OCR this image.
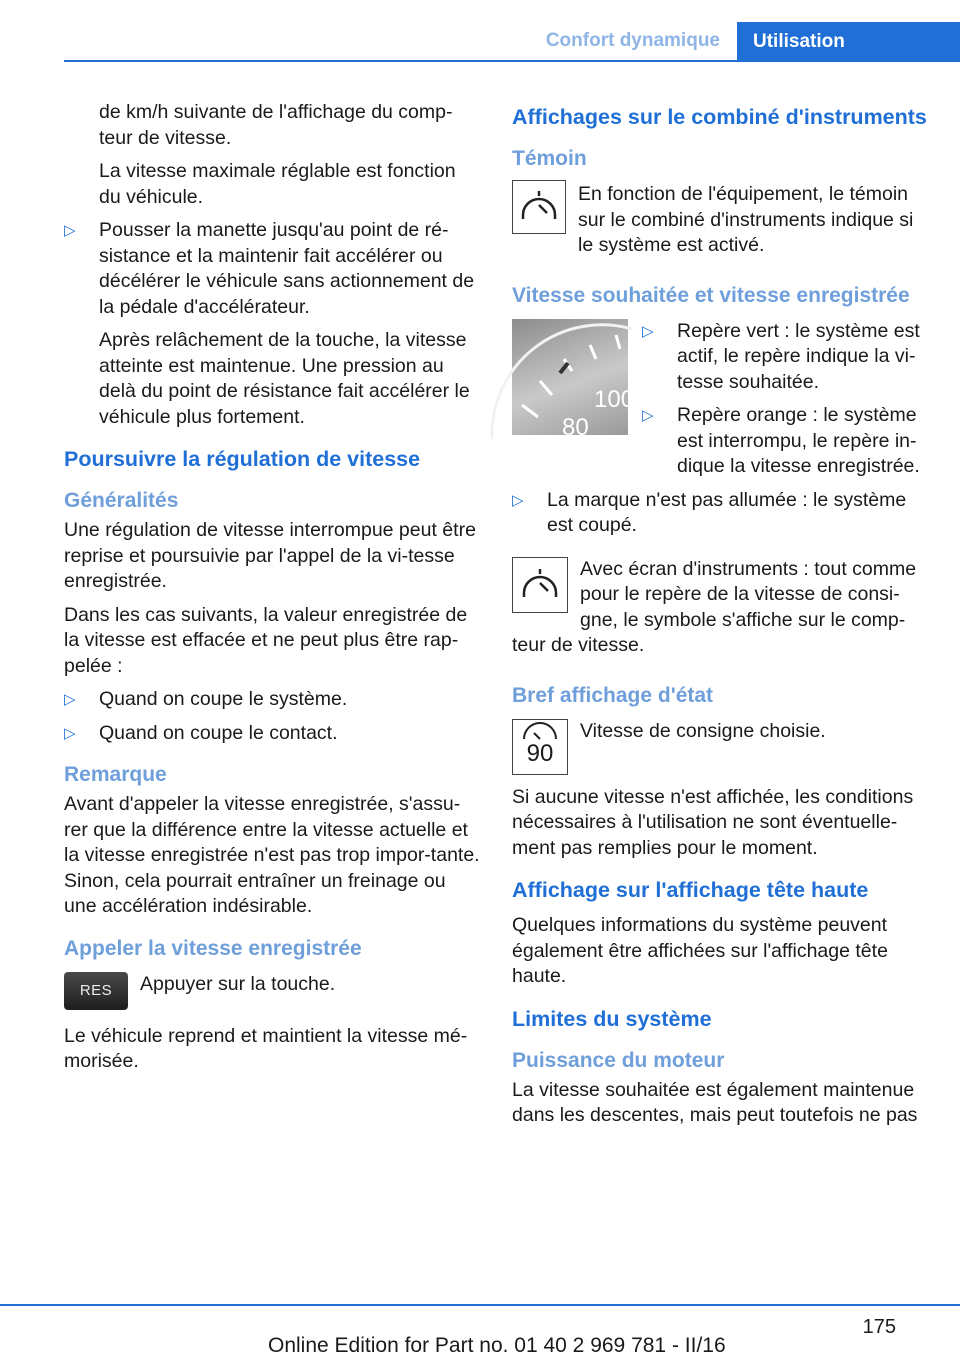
Confort dynamique Utilisation

de km/h suivante de l'affichage du comp-teur de vitesse.

La vitesse maximale réglable est fonction du véhicule.

▷
Pousser la manette jusqu'au point de ré-sistance et la maintenir fait accélérer ou décélérer le véhicule sans actionnement de la pédale d'accélérateur.

Après relâchement de la touche, la vitesse atteinte est maintenue. Une pression au delà du point de résistance fait accélérer le véhicule plus fortement.

Poursuivre la régulation de vitesse
Généralités

Une régulation de vitesse interrompue peut être reprise et poursuivie par l'appel de la vi-tesse enregistrée.

Dans les cas suivants, la valeur enregistrée de la vitesse est effacée et ne peut plus être rap-pelée :

▷
Quand on coupe le système.
▷
Quand on coupe le contact.
Remarque

Avant d'appeler la vitesse enregistrée, s'assu-rer que la différence entre la vitesse actuelle et la vitesse enregistrée n'est pas trop impor-tante. Sinon, cela pourrait entraîner un freinage ou une accélération indésirable.

Appeler la vitesse enregistrée
RES Appuyer sur la touche.

Le véhicule reprend et maintient la vitesse mé-morisée.

Affichages sur le combiné d'instruments
Témoin

En fonction de l'équipement, le témoin sur le combiné d'instruments indique si le système est activé.

Vitesse souhaitée et vitesse enregistrée
100
80
▷
Repère vert : le système est actif, le repère indique la vi-tesse souhaitée.
▷
Repère orange : le système est interrompu, le repère in-dique la vitesse enregistrée.
▷
La marque n'est pas allumée : le système est coupé.

Avec écran d'instruments : tout comme pour le repère de la vitesse de consi-gne, le symbole s'affiche sur le comp-teur de vitesse.

Bref affichage d'état
90

Vitesse de consigne choisie.

Si aucune vitesse n'est affichée, les conditions nécessaires à l'utilisation ne sont éventuelle-ment pas remplies pour le moment.

Affichage sur l'affichage tête haute

Quelques informations du système peuvent également être affichées sur l'affichage tête haute.

Limites du système
Puissance du moteur

La vitesse souhaitée est également maintenue dans les descentes, mais peut toutefois ne pas

175
Online Edition for Part no. 01 40 2 969 781 - II/16
